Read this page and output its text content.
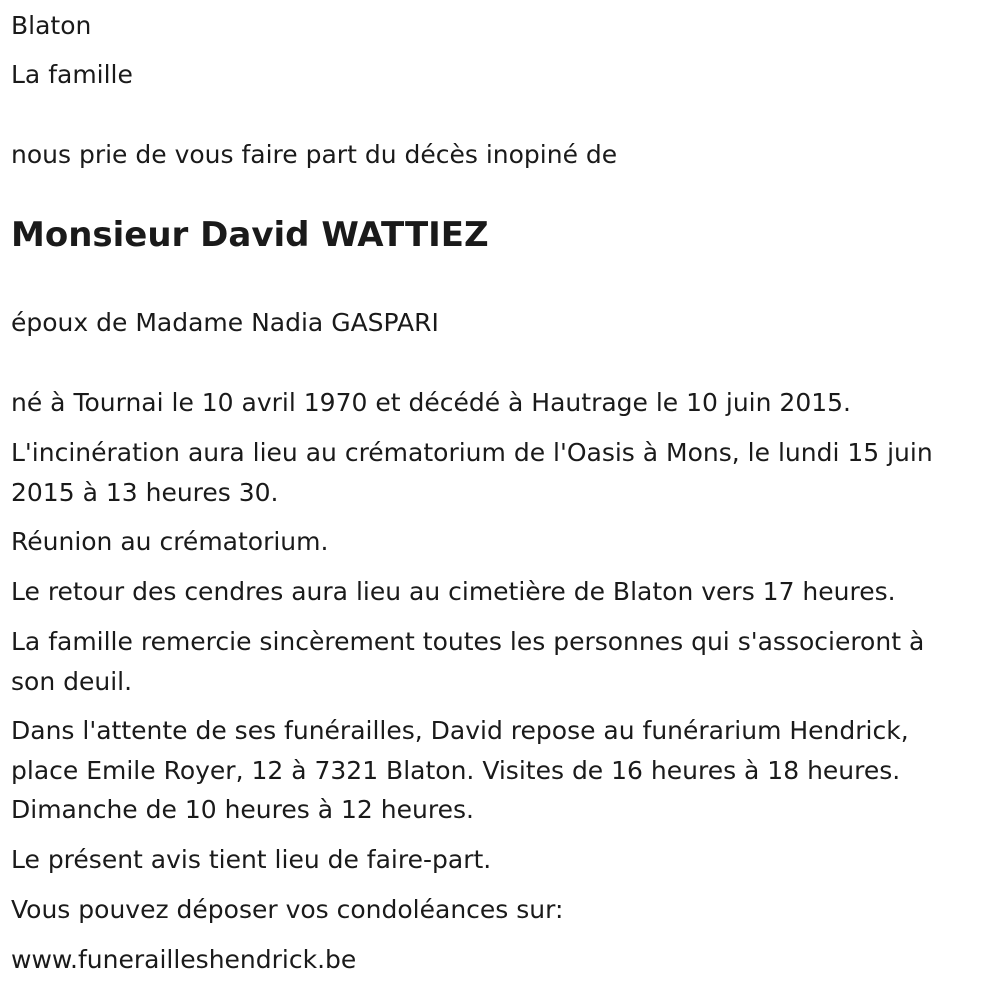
Blaton
La famille
nous prie de vous faire part du décès inopiné de
Monsieur David WATTIEZ
époux de Madame Nadia GASPARI
né à Tournai le 10 avril 1970 et décédé à Hautrage le 10 juin 2015.
L'incinération aura lieu au crématorium de l'Oasis à Mons, le lundi 15 juin
2015 à 13 heures 30.
Réunion au crématorium.
Le retour des cendres aura lieu au cimetière de Blaton vers 17 heures.
La famille remercie sincèrement toutes les personnes qui s'associeront à
son deuil.
Dans l'attente de ses funérailles, David repose au funérarium Hendrick,
place Emile Royer, 12 à 7321 Blaton. Visites de 16 heures à 18 heures.
Dimanche de 10 heures à 12 heures.
Le présent avis tient lieu de faire-part.
Vous pouvez déposer vos condoléances sur:
www.funerailleshendrick.be
